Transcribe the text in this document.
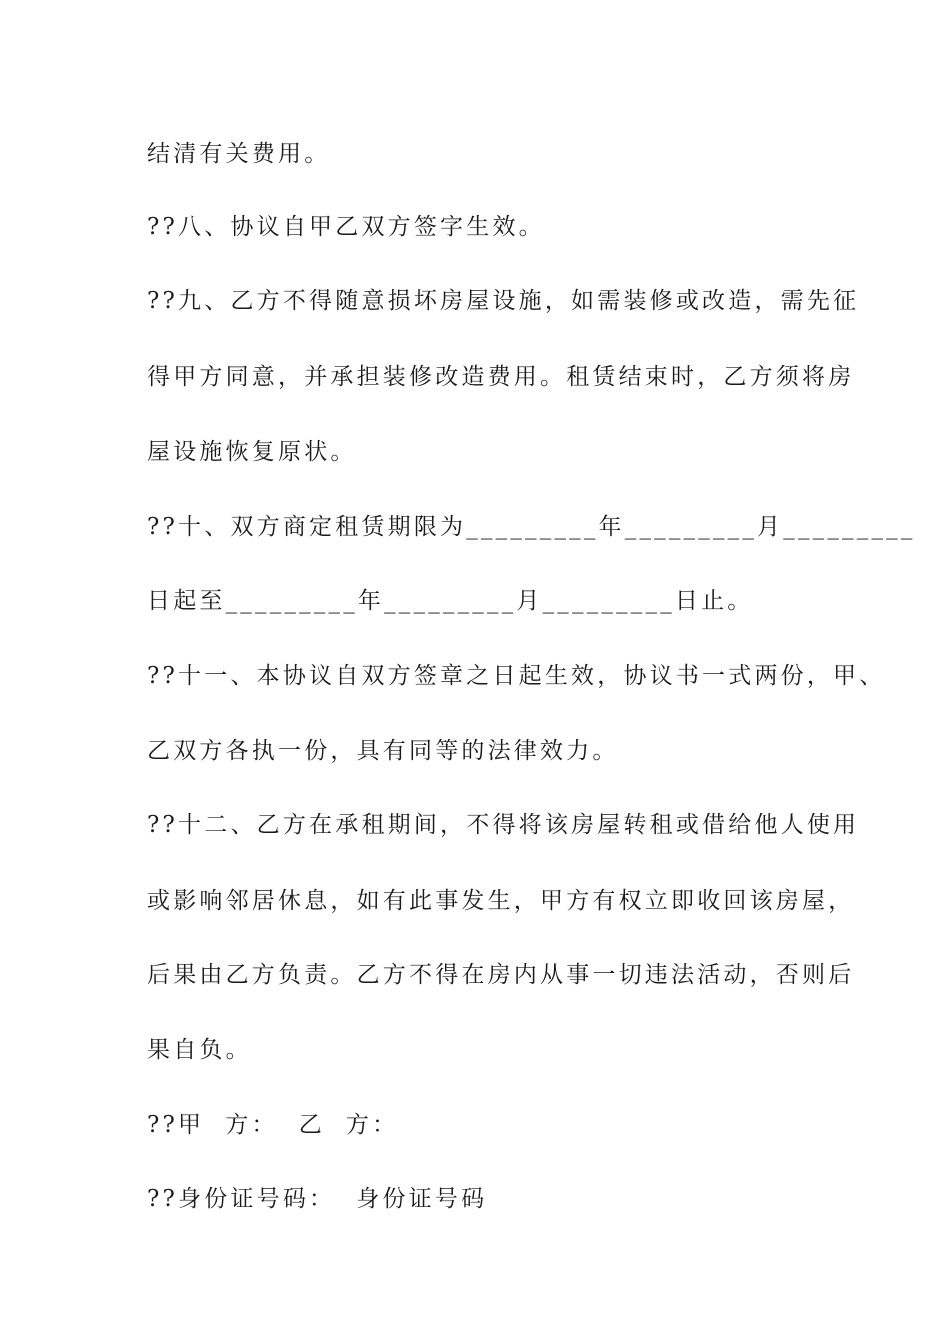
结清有关费用。
??八、协议自甲乙双方签字生效。
??九、乙方不得随意损坏房屋设施，如需装修或改造，需先征
得甲方同意，并承担装修改造费用。租赁结束时，乙方须将房
屋设施恢复原状。
??十、双方商定租赁期限为_________年_________月_________
日起至_________年_________月_________日止。
??十一、本协议自双方签章之日起生效，协议书一式两份，甲、
乙双方各执一份，具有同等的法律效力。
??十二、乙方在承租期间，不得将该房屋转租或借给他人使用
或影响邻居休息，如有此事发生，甲方有权立即收回该房屋，
后果由乙方负责。乙方不得在房内从事一切违法活动，否则后
果自负。
??甲  方：  乙  方：
??身份证号码：  身份证号码
